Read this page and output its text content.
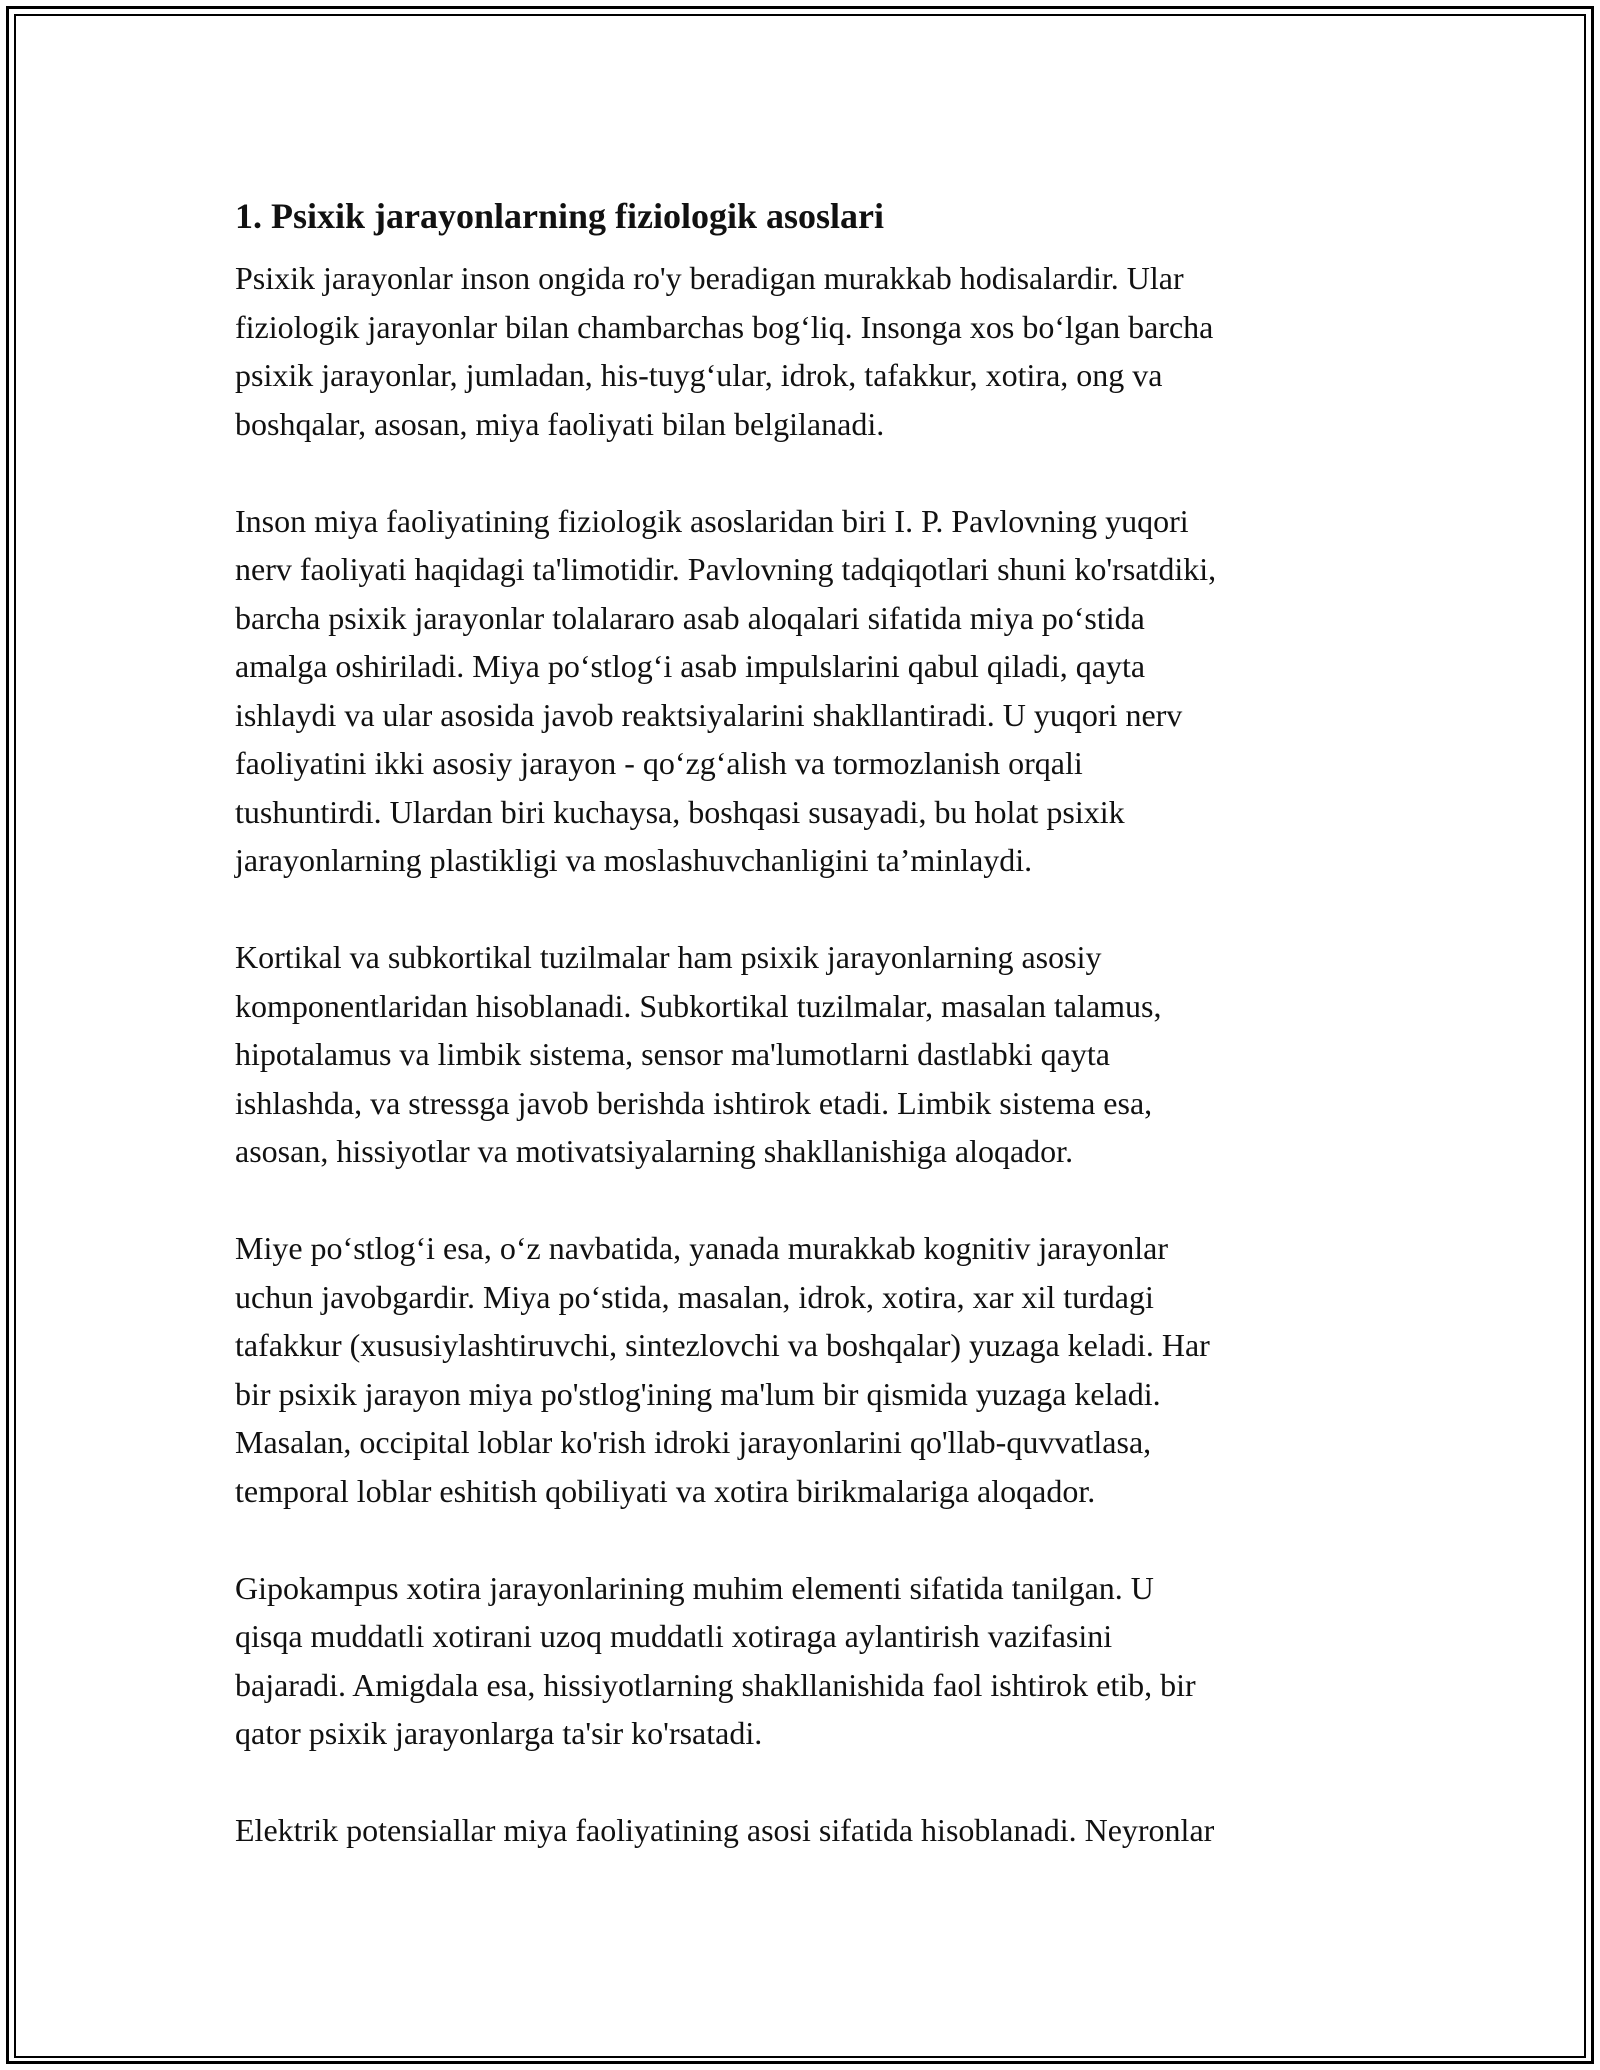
1. Psixik jarayonlarning fiziologik asoslari

Psixik jarayonlar inson ongida ro'y beradigan murakkab hodisalardir. Ular
fiziologik jarayonlar bilan chambarchas bog‘liq. Insonga xos bo‘lgan barcha
psixik jarayonlar, jumladan, his-tuyg‘ular, idrok, tafakkur, xotira, ong va
boshqalar, asosan, miya faoliyati bilan belgilanadi.

Inson miya faoliyatining fiziologik asoslaridan biri I. P. Pavlovning yuqori
nerv faoliyati haqidagi ta'limotidir. Pavlovning tadqiqotlari shuni ko'rsatdiki,
barcha psixik jarayonlar tolalararo asab aloqalari sifatida miya po‘stida
amalga oshiriladi. Miya po‘stlog‘i asab impulslarini qabul qiladi, qayta
ishlaydi va ular asosida javob reaktsiyalarini shakllantiradi. U yuqori nerv
faoliyatini ikki asosiy jarayon - qo‘zg‘alish va tormozlanish orqali
tushuntirdi. Ulardan biri kuchaysa, boshqasi susayadi, bu holat psixik
jarayonlarning plastikligi va moslashuvchanligini ta’minlaydi.

Kortikal va subkortikal tuzilmalar ham psixik jarayonlarning asosiy
komponentlaridan hisoblanadi. Subkortikal tuzilmalar, masalan talamus,
hipotalamus va limbik sistema, sensor ma'lumotlarni dastlabki qayta
ishlashda, va stressga javob berishda ishtirok etadi. Limbik sistema esa,
asosan, hissiyotlar va motivatsiyalarning shakllanishiga aloqador.

Miye po‘stlog‘i esa, o‘z navbatida, yanada murakkab kognitiv jarayonlar
uchun javobgardir. Miya po‘stida, masalan, idrok, xotira, xar xil turdagi
tafakkur (xususiylashtiruvchi, sintezlovchi va boshqalar) yuzaga keladi. Har
bir psixik jarayon miya po'stlog'ining ma'lum bir qismida yuzaga keladi.
Masalan, occipital loblar ko'rish idroki jarayonlarini qo'llab-quvvatlasa,
temporal loblar eshitish qobiliyati va xotira birikmalariga aloqador.

Gipokampus xotira jarayonlarining muhim elementi sifatida tanilgan. U
qisqa muddatli xotirani uzoq muddatli xotiraga aylantirish vazifasini
bajaradi. Amigdala esa, hissiyotlarning shakllanishida faol ishtirok etib, bir
qator psixik jarayonlarga ta'sir ko'rsatadi.

Elektrik potensiallar miya faoliyatining asosi sifatida hisoblanadi. Neyronlar
